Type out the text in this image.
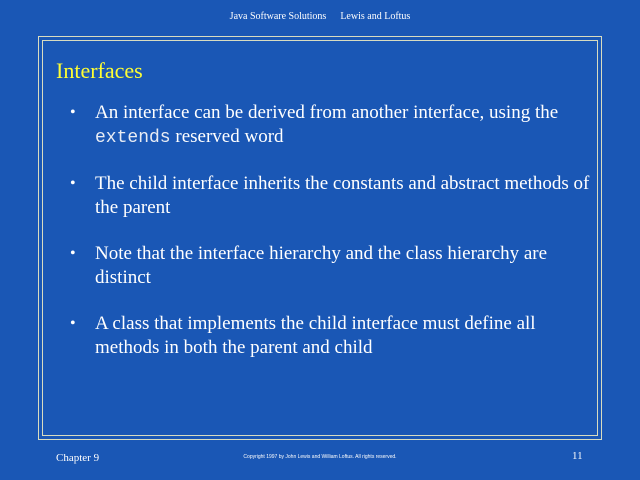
Java Software Solutions Lewis and Loftus
Interfaces
• An interface can be derived from another interface, using the extends reserved word
• The child interface inherits the constants and abstract methods of the parent
• Note that the interface hierarchy and the class hierarchy are distinct
• A class that implements the child interface must define all methods in both the parent and child
Chapter 9	Copyright 1997 by John Lewis and William Loftus. All rights reserved.	11
